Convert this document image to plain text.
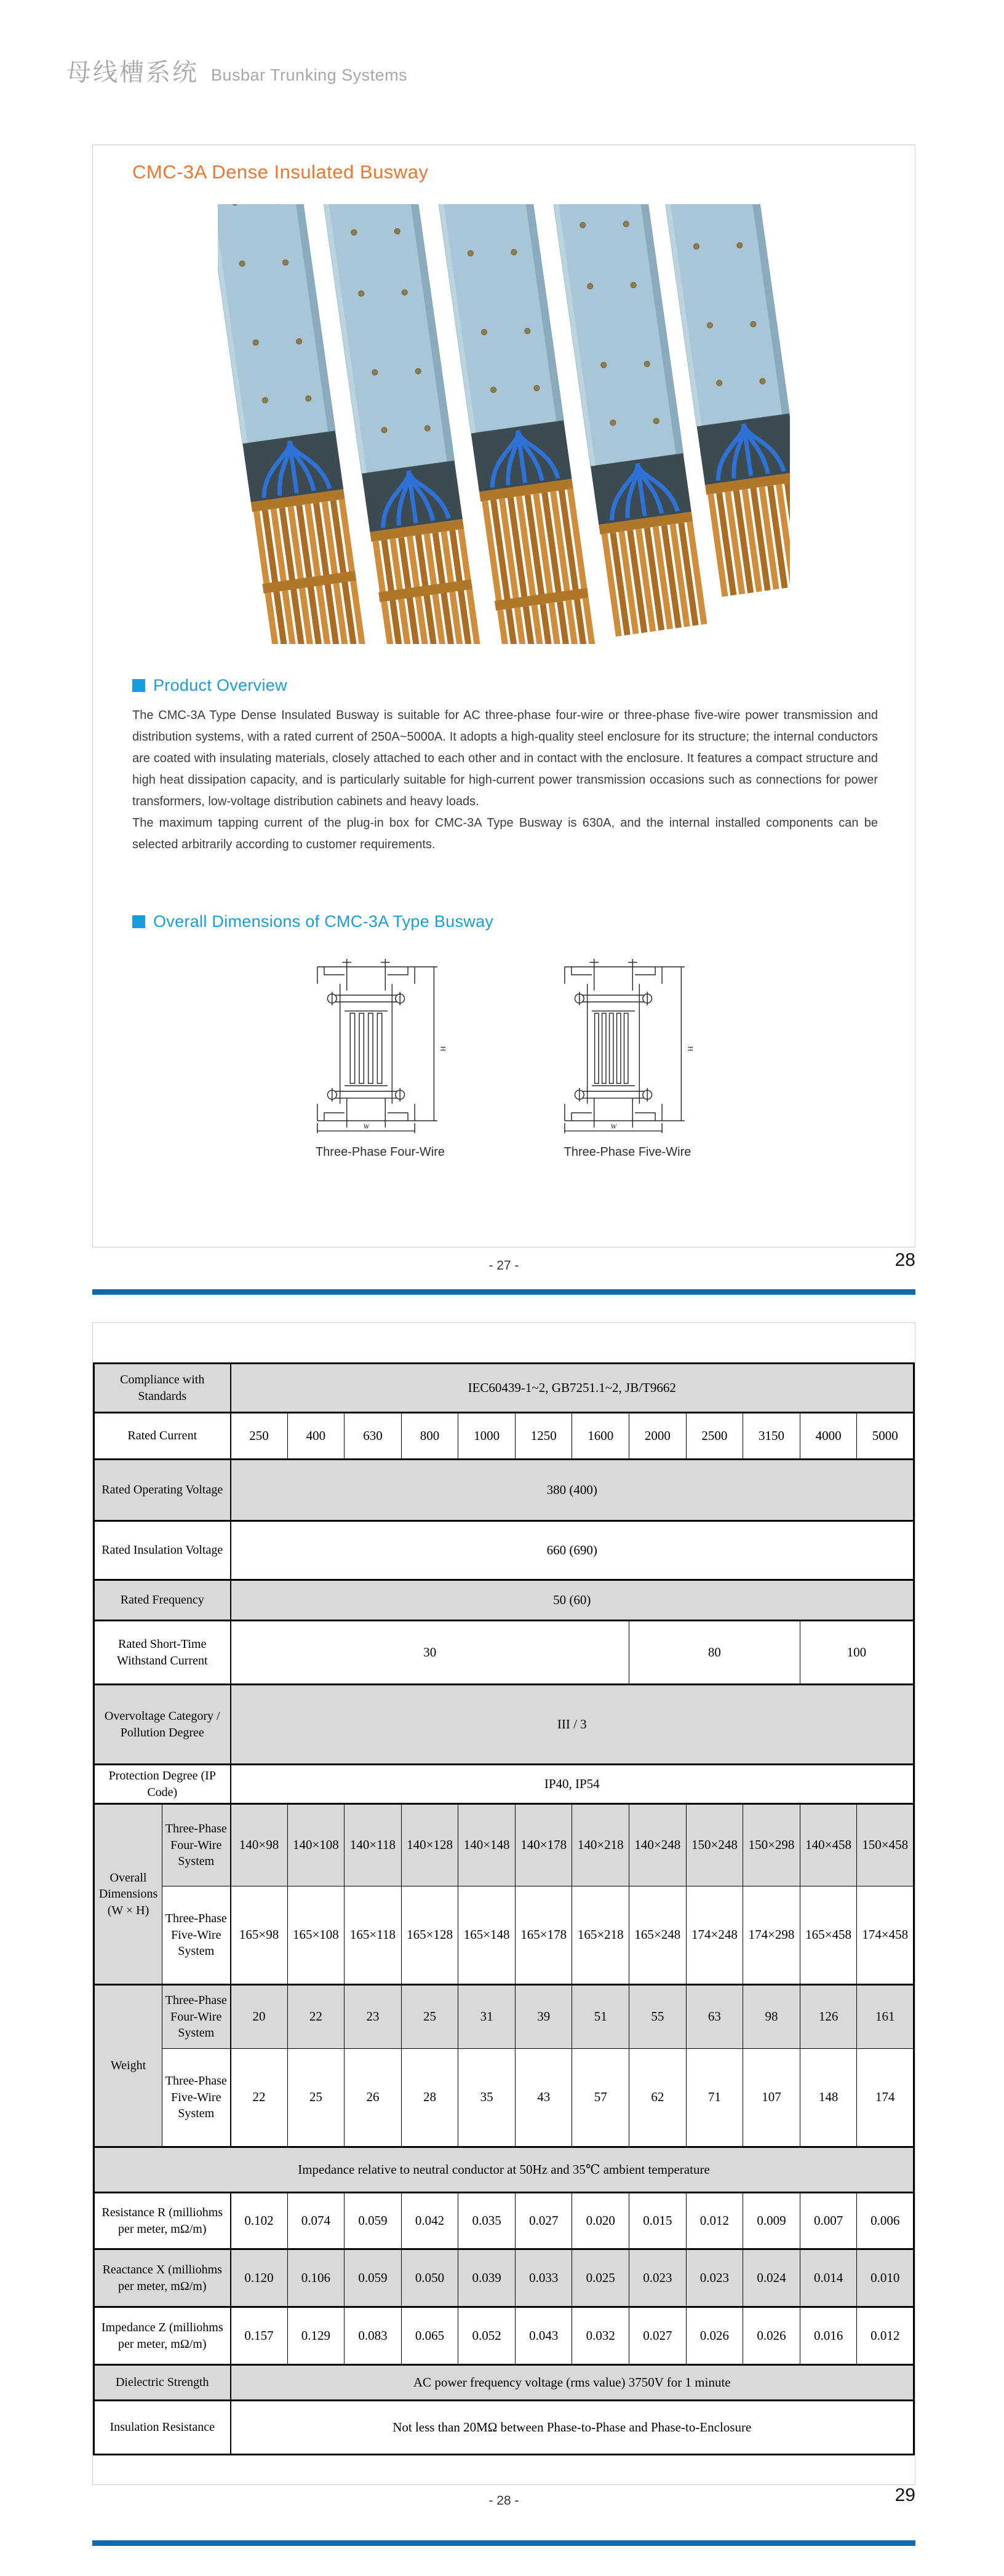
母线槽系统 Busbar Trunking Systems
CMC-3A Dense Insulated Busway
Product Overview

The CMC-3A Type Dense Insulated Busway is suitable for AC three-phase four-wire or three-phase five-wire power transmission and distribution systems, with a rated current of 250A~5000A. It adopts a high-quality steel enclosure for its structure; the internal conductors are coated with insulating materials, closely attached to each other and in contact with the enclosure. It features a compact structure and high heat dissipation capacity, and is particularly suitable for high-current power transmission occasions such as connections for power transformers, low-voltage distribution cabinets and heavy loads.

The maximum tapping current of the plug-in box for CMC-3A Type Busway is 630A, and the internal installed components can be selected arbitrarily according to customer requirements.

Overall Dimensions of CMC-3A Type Busway
H
W
Three-Phase Four-Wire
H
W
Three-Phase Five-Wire
- 27 -	28
Compliance with Standards		IEC60439-1~2, GB7251.1~2, JB/T9662											
Rated Current		250	400	630	800	1000	1250	1600	2000	2500	3150	4000	5000
Rated Operating Voltage		380 (400)											
Rated Insulation Voltage		660 (690)											
Rated Frequency		50 (60)											
Rated Short-Time Withstand Current		30							80			100	
Overvoltage Category / Pollution Degree		III / 3											
Protection Degree (IP Code)		IP40, IP54											
Overall Dimensions (W × H)	Three-Phase Four-Wire System	140×98	140×108	140×118	140×128	140×148	140×178	140×218	140×248	150×248	150×298	140×458	150×458
	Three-Phase Five-Wire System	165×98	165×108	165×118	165×128	165×148	165×178	165×218	165×248	174×248	174×298	165×458	174×458
Weight	Three-Phase Four-Wire System	20	22	23	25	31	39	51	55	63	98	126	161
	Three-Phase Five-Wire System	22	25	26	28	35	43	57	62	71	107	148	174
Impedance relative to neutral conductor at 50Hz and 35℃ ambient temperature													
Resistance R (milliohms per meter, mΩ/m)		0.102	0.074	0.059	0.042	0.035	0.027	0.020	0.015	0.012	0.009	0.007	0.006
Reactance X (milliohms per meter, mΩ/m)		0.120	0.106	0.059	0.050	0.039	0.033	0.025	0.023	0.023	0.024	0.014	0.010
Impedance Z (milliohms per meter, mΩ/m)		0.157	0.129	0.083	0.065	0.052	0.043	0.032	0.027	0.026	0.026	0.016	0.012
Dielectric Strength		AC power frequency voltage (rms value) 3750V for 1 minute											
Insulation Resistance		Not less than 20MΩ between Phase-to-Phase and Phase-to-Enclosure											
- 28 -	29
